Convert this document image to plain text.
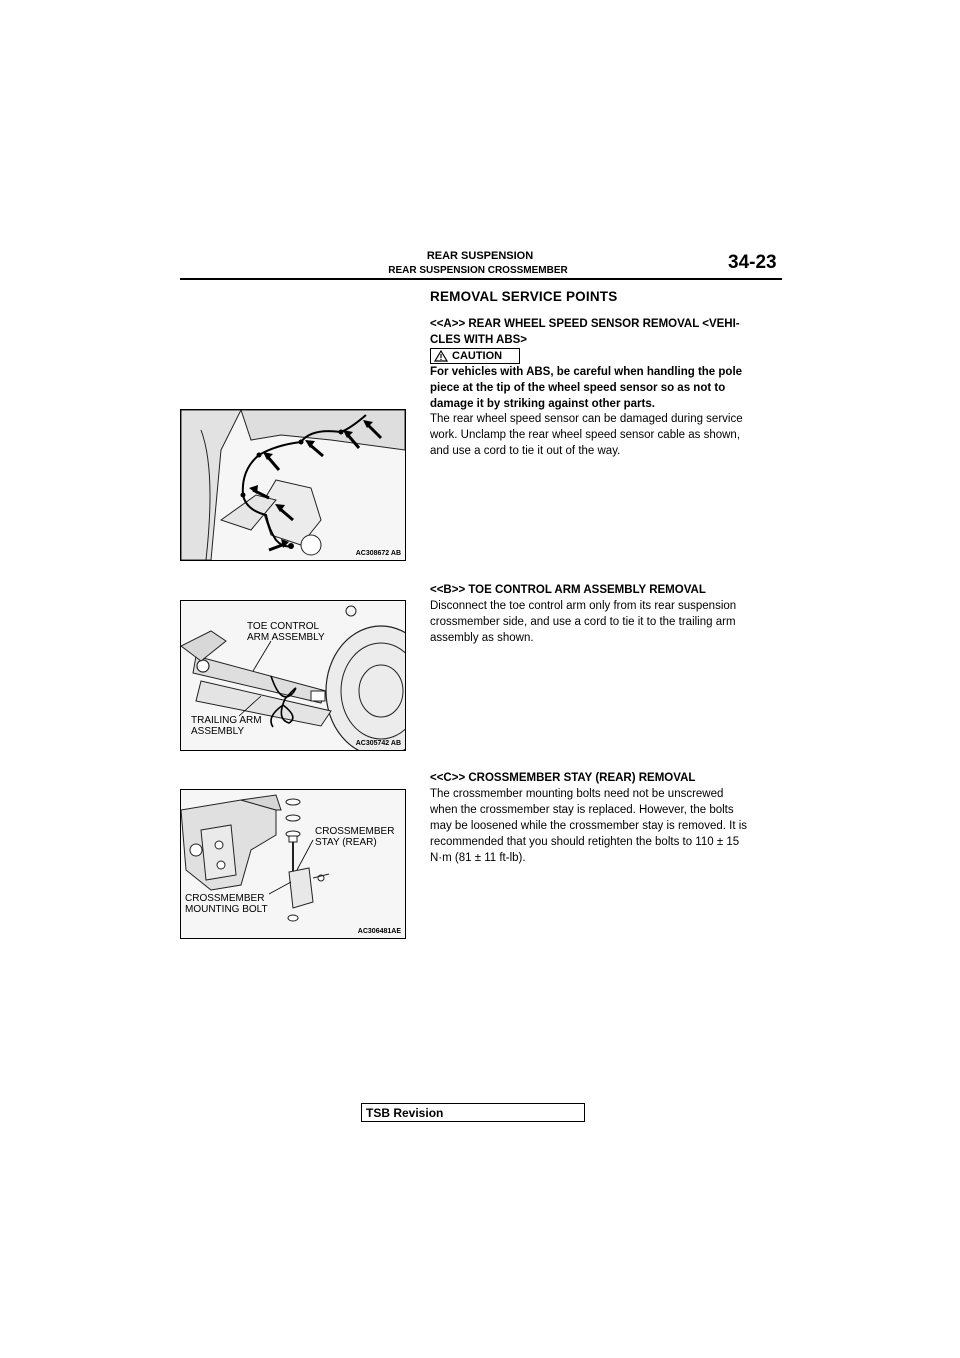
REAR SUSPENSION
REAR SUSPENSION CROSSMEMBER	34-23
REMOVAL SERVICE POINTS
<<A>> REAR WHEEL SPEED SENSOR REMOVAL <VEHI-
CLES WITH ABS>
CAUTION
For vehicles with ABS, be careful when handling the pole
piece at the tip of the wheel speed sensor so as not to
damage it by striking against other parts.
The rear wheel speed sensor can be damaged during service
work. Unclamp the rear wheel speed sensor cable as shown,
and use a cord to tie it out of the way.
AC308672 AB
<<B>> TOE CONTROL ARM ASSEMBLY REMOVAL
Disconnect the toe control arm only from its rear suspension
crossmember side, and use a cord to tie it to the trailing arm
assembly as shown.
TOE CONTROL
ARM ASSEMBLY
TRAILING ARM
ASSEMBLY
AC305742 AB
<<C>> CROSSMEMBER STAY (REAR) REMOVAL
The crossmember mounting bolts need not be unscrewed
when the crossmember stay is replaced. However, the bolts
may be loosened while the crossmember stay is removed. It is
recommended that you should retighten the bolts to 110 ± 15
N·m (81 ± 11 ft-lb).
CROSSMEMBER
STAY (REAR)
CROSSMEMBER
MOUNTING BOLT
AC306481AE
TSB Revision
